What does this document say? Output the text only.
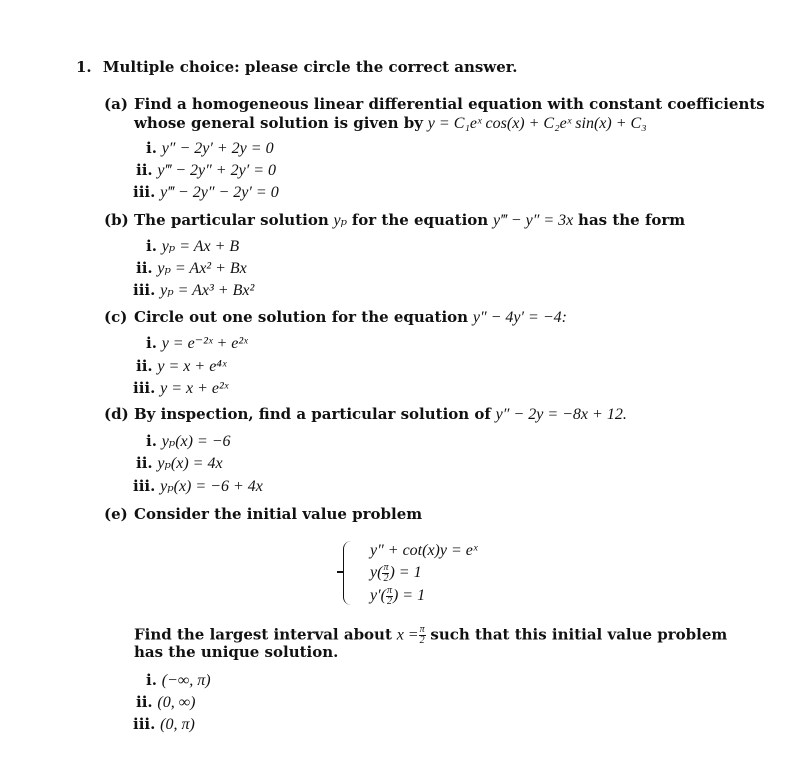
1. Multiple choice: please circle the correct answer.
(a) Find a homogeneous linear differential equation with constant coefficients
whose general solution is given by y = C₁eˣ cos(x) + C₂eˣ sin(x) + C₃
i. y″ − 2y′ + 2y = 0
ii. y‴ − 2y″ + 2y′ = 0
iii. y‴ − 2y″ − 2y′ = 0
(b) The particular solution yₚ for the equation y‴ − y″ = 3x has the form
i. yₚ = Ax + B
ii. yₚ = Ax² + Bx
iii. yₚ = Ax³ + Bx²
(c) Circle out one solution for the equation y″ − 4y′ = −4:
i. y = e⁻²ˣ + e²ˣ
ii. y = x + e⁴ˣ
iii. y = x + e²ˣ
(d) By inspection, find a particular solution of y″ − 2y = −8x + 12.
i. yₚ(x) = −6
ii. yₚ(x) = 4x
iii. yₚ(x) = −6 + 4x
(e) Consider the initial value problem
y″ + cot(x)y = eˣ
$y( \frac{\pi}{2}$ ) = 1
$y'( \frac{\pi}{2}$ ) = 1
Find the largest interval about $x = \frac{\pi}{2}$ such that this initial value problem
has the unique solution.
i. (−∞, π)
ii. (0, ∞)
iii. (0, π)
